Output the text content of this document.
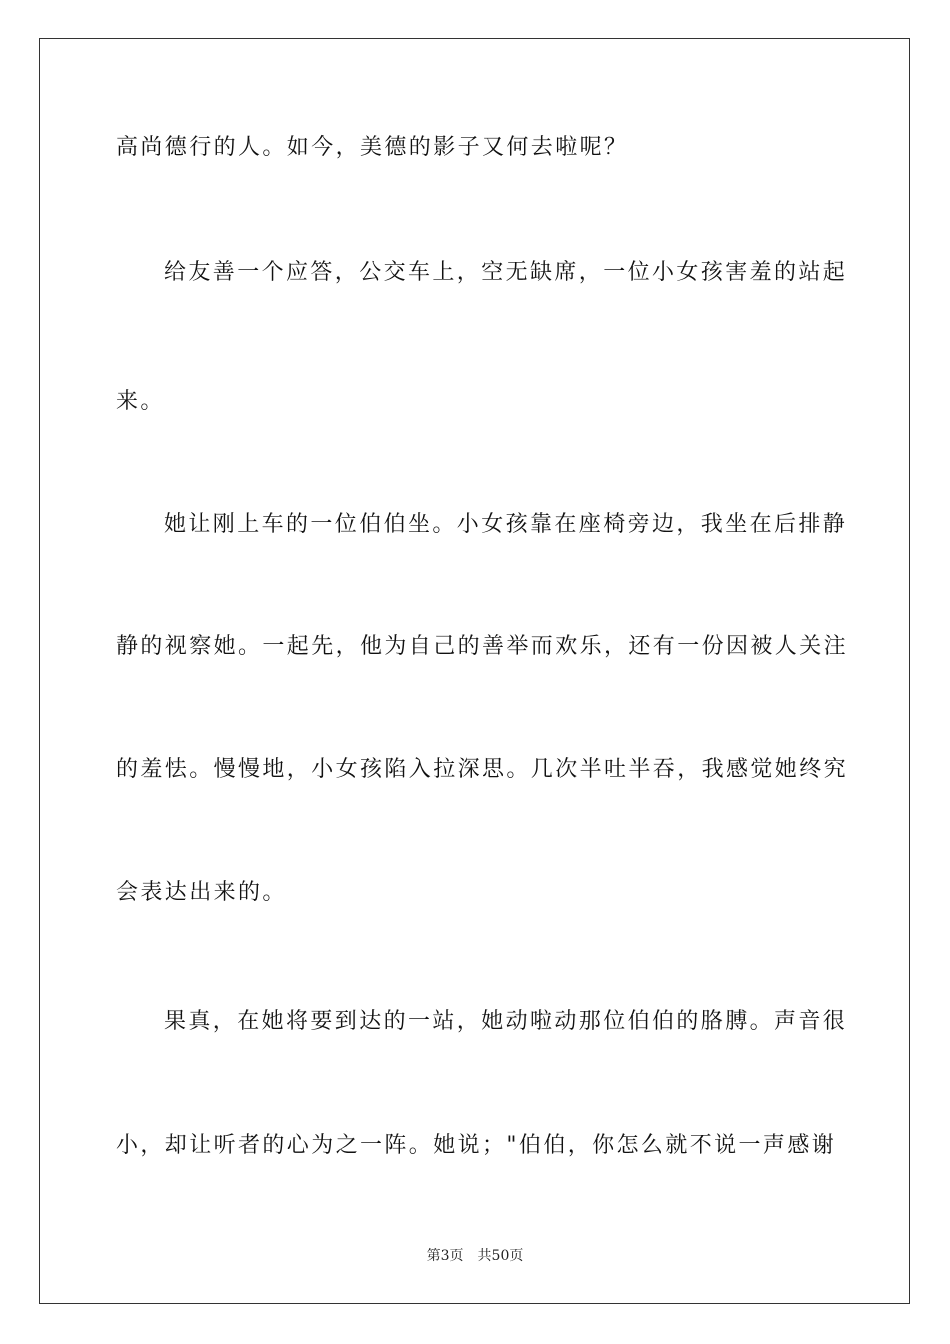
高尚德行的人。如今，美德的影子又何去啦呢？
给友善一个应答，公交车上，空无缺席，一位小女孩害羞的站起
来。
她让刚上车的一位伯伯坐。小女孩靠在座椅旁边，我坐在后排静
静的视察她。一起先，他为自己的善举而欢乐，还有一份因被人关注
的羞怯。慢慢地，小女孩陷入拉深思。几次半吐半吞，我感觉她终究
会表达出来的。
果真，在她将要到达的一站，她动啦动那位伯伯的胳膊。声音很
小，却让听者的心为之一阵。她说；"伯伯，你怎么就不说一声感谢
第3页 共50页
